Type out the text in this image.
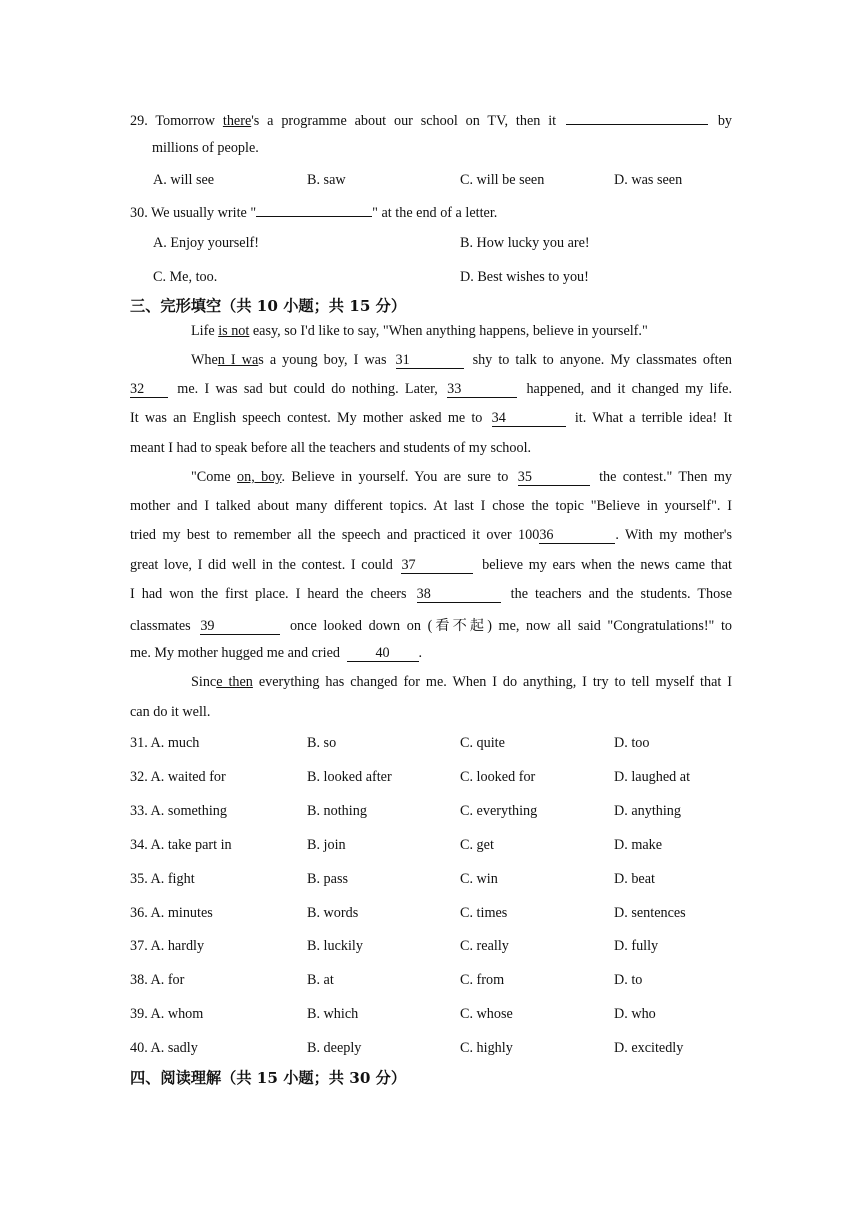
29. Tomorrow there's a programme about our school on TV, then it	by
millions of people.
A. will see	B. saw	C. will be seen	D. was seen
30. We usually write "	" at the end of a letter.
A. Enjoy yourself!	B. How lucky you are!
C. Me, too.	D. Best wishes to you!
三、完形填空（共 10 小题；共 15 分）
Life is not easy, so I'd like to say, "When anything happens, believe in yourself."
When I was a young boy, I was 31	shy to talk to anyone. My classmates often
32 me. I was sad but could do nothing. Later, 33	happened, and it changed my life.
It was an English speech contest. My mother asked me to 34	it. What a terrible idea! It
meant I had to speak before all the teachers and students of my school.
"Come on, boy. Believe in yourself. You are sure to 35	the contest." Then my
mother and I talked about many different topics. At last I chose the topic "Believe in yourself". I
tried my best to remember all the speech and practiced it over 10036	. With my mother's
great love, I did well in the contest. I could 37	believe my ears when the news came that
I had won the first place. I heard the cheers 38	the teachers and the students. Those
classmates 39	once looked down on (看不起) me, now all said "Congratulations!" to
me. My mother hugged me and cried 40 .
Since then everything has changed for me. When I do anything, I try to tell myself that I
can do it well.
31. A. much	B. so	C. quite	D. too
32. A. waited for	B. looked after	C. looked for	D. laughed at
33. A. something	B. nothing	C. everything	D. anything
34. A. take part in	B. join	C. get	D. make
35. A. fight	B. pass	C. win	D. beat
36. A. minutes	B. words	C. times	D. sentences
37. A. hardly	B. luckily	C. really	D. fully
38. A. for	B. at	C. from	D. to
39. A. whom	B. which	C. whose	D. who
40. A. sadly	B. deeply	C. highly	D. excitedly
四、阅读理解（共 15 小题；共 30 分）
